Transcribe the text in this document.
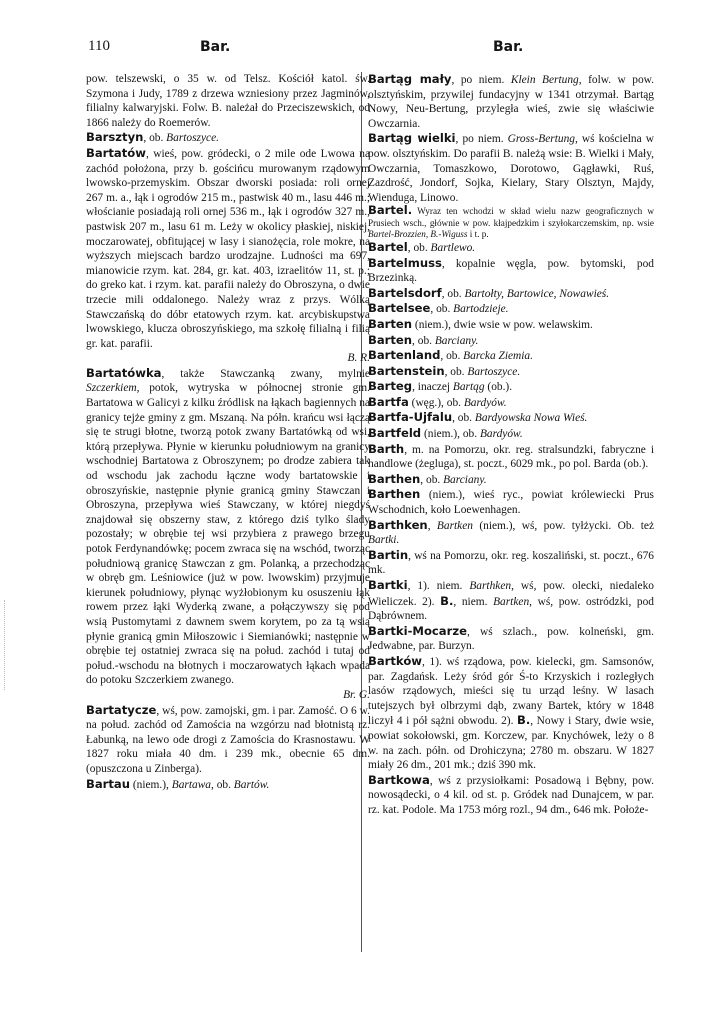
110	Bar.	Bar.

pow. telszewski, o 35 w. od Telsz. Kościół katol. św. Szymona i Judy, 1789 z drzewa wzniesiony przez Jagminów, filialny kalwaryjski. Folw. B. należał do Przeciszewskich, od 1866 należy do Roemerów.

Barsztyn, ob. Bartoszyce.

Bartatów, wieś, pow. gródecki, o 2 mile ode Lwowa na zachód położona, przy b. gościńcu murowanym rządowym lwowsko-przemyskim. Obszar dworski posiada: roli ornej 267 m. a., łąk i ogrodów 215 m., pastwisk 40 m., lasu 446 m.; włościanie posiadają roli ornej 536 m., łąk i ogrodów 327 m., pastwisk 207 m., lasu 61 m. Leży w okolicy płaskiej, niskiej, moczarowatej, obfitującej w lasy i sianożęcia, role mokre, na wyższych miejscach bardzo urodzajne. Ludności ma 697, mianowicie rzym. kat. 284, gr. kat. 403, izraelitów 11, st. p.; do greko kat. i rzym. kat. parafii należy do Obroszyna, o dwie trzecie mili oddalonego. Należy wraz z przys. Wólką Stawczańską do dóbr etatowych rzym. kat. arcybiskupstwa lwowskiego, klucza obroszyńskiego, ma szkołę filialną i filią gr. kat. parafii.
B. R.

Bartatówka, także Stawczanką zwany, mylnie Szczerkiem, potok, wytryska w północnej stronie gm. Bartatowa w Galicyi z kilku źródlisk na łąkach bagiennych na granicy tejże gminy z gm. Mszaną. Na półn. krańcu wsi łączą się te strugi błotne, tworzą potok zwany Bartatówką od wsi, którą przepływa. Płynie w kierunku południowym na granicy wschodniej Bartatowa z Obroszynem; po drodze zabiera tak od wschodu jak zachodu łączne wody bartatowskie i obroszyńskie, następnie płynie granicą gminy Stawczan i Obroszyna, przepływa wieś Stawczany, w której niegdyś znajdował się obszerny staw, z którego dziś tylko ślady pozostały; w obrębie tej wsi przybiera z prawego brzegu potok Ferdynandówkę; pocem zwraca się na wschód, tworząc południową granicę Stawczan z gm. Polanką, a przechodząc w obręb gm. Leśniowice (już w pow. lwowskim) przyjmuje kierunek południowy, płynąc wyżłobionym ku osuszeniu łąk rowem przez łąki Wyderką zwane, a połączywszy się pod wsią Pustomytami z dawnem swem korytem, po za tą wsią płynie granicą gmin Miłoszowic i Siemianówki; następnie w obrębie tej ostatniej zwraca się na połud. zachód i tutaj od połud.-wschodu na błotnych i moczarowatych łąkach wpada do potoku Szczerkiem zwanego.
Br. G.

Bartatycze, wś, pow. zamojski, gm. i par. Zamość. O 6 w. na połud. zachód od Zamościa na wzgórzu nad błotnistą rz. Łabunką, na lewo ode drogi z Zamościa do Krasnostawu. W 1827 roku miała 40 dm. i 239 mk., obecnie 65 dm. (opuszczona u Zinberga).

Bartau (niem.), Bartawa, ob. Bartów.

Bartąg mały, po niem. Klein Bertung, folw. w pow. olsztyńskim, przywilej fundacyjny w 1341 otrzymał. Bartąg Nowy, Neu-Bertung, przyległa wieś, zwie się właściwie Owczarnia.

Bartąg wielki, po niem. Gross-Bertung, wś kościelna w pow. olsztyńskim. Do parafii B. należą wsie: B. Wielki i Mały, Owczarnia, Tomaszkowo, Dorotowo, Gągławki, Ruś, Zazdrość, Jondorf, Sojka, Kielary, Stary Olsztyn, Majdy, Wienduga, Linowo.

Bartel. Wyraz ten wchodzi w skład wielu nazw geograficznych w Prusiech wsch., głównie w pow. kłajpedzkim i szyłokarczemskim, np. wsie Bartel-Brozzien, B.-Wiguss i t. p.

Bartel, ob. Bartlewo.

Bartelmuss, kopalnie węgla, pow. bytomski, pod Brzezinką.

Bartelsdorf, ob. Bartołty, Bartowice, Nowawieś.

Bartelsee, ob. Bartodzieje.

Barten (niem.), dwie wsie w pow. welawskim.

Barten, ob. Barciany.

Bartenland, ob. Barcka Ziemia.

Bartenstein, ob. Bartoszyce.

Barteg, inaczej Bartąg (ob.).

Bartfa (węg.), ob. Bardyów.

Bartfa-Ujfalu, ob. Bardyowska Nowa Wieś.

Bartfeld (niem.), ob. Bardyów.

Barth, m. na Pomorzu, okr. reg. stralsundzki, fabryczne i handlowe (żegluga), st. poczt., 6029 mk., po pol. Barda (ob.).

Barthen, ob. Barciany.

Barthen (niem.), wieś ryc., powiat królewiecki Prus Wschodnich, koło Loewenhagen.

Barthken, Bartken (niem.), wś, pow. tyłżycki. Ob. też Bartki.

Bartin, wś na Pomorzu, okr. reg. koszaliński, st. poczt., 676 mk.

Bartki, 1). niem. Barthken, wś, pow. olecki, niedaleko Wieliczek. 2). B., niem. Bartken, wś, pow. ostródzki, pod Dąbrównem.

Bartki-Mocarze, wś szlach., pow. kolneński, gm. Jedwabne, par. Burzyn.

Bartków, 1). wś rządowa, pow. kielecki, gm. Samsonów, par. Zagdańsk. Leży śród gór Ś-to Krzyskich i rozległych lasów rządowych, mieści się tu urząd leśny. W lasach tutejszych był olbrzymi dąb, zwany Bartek, który w 1848 liczył 4 i pół sążni obwodu. 2). B., Nowy i Stary, dwie wsie, powiat sokołowski, gm. Korczew, par. Knychówek, leży o 8 w. na zach. półn. od Drohiczyna; 2780 m. obszaru. W 1827 miały 26 dm., 201 mk.; dziś 390 mk.

Bartkowa, wś z przysiołkami: Posadową i Bębny, pow. nowosądecki, o 4 kil. od st. p. Gródek nad Dunajcem, w par. rz. kat. Podole. Ma 1753 mórg rozl., 94 dm., 646 mk. Położe-
